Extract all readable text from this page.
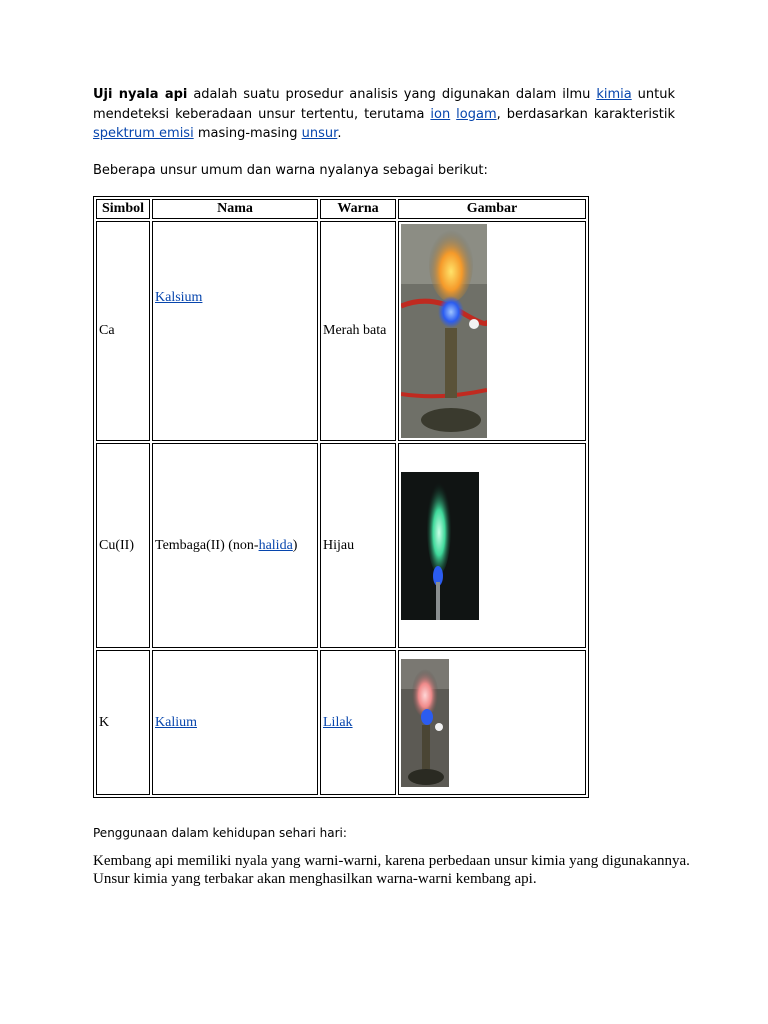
Uji nyala api adalah suatu prosedur analisis yang digunakan dalam ilmu kimia untuk mendeteksi keberadaan unsur tertentu, terutama ion logam, berdasarkan karakteristik spektrum emisi masing-masing unsur.

Beberapa unsur umum dan warna nyalanya sebagai berikut:

Simbol	Nama	Warna	Gambar
Ca	Kalsium	Merah bata	
Cu(II)	Tembaga(II) (non-halida)	Hijau	
K	Kalium	Lilak	

Penggunaan dalam kehidupan sehari hari:

Kembang api memiliki nyala yang warni-warni, karena perbedaan unsur kimia yang digunakannya. Unsur kimia yang terbakar akan menghasilkan warna-warni kembang api.
